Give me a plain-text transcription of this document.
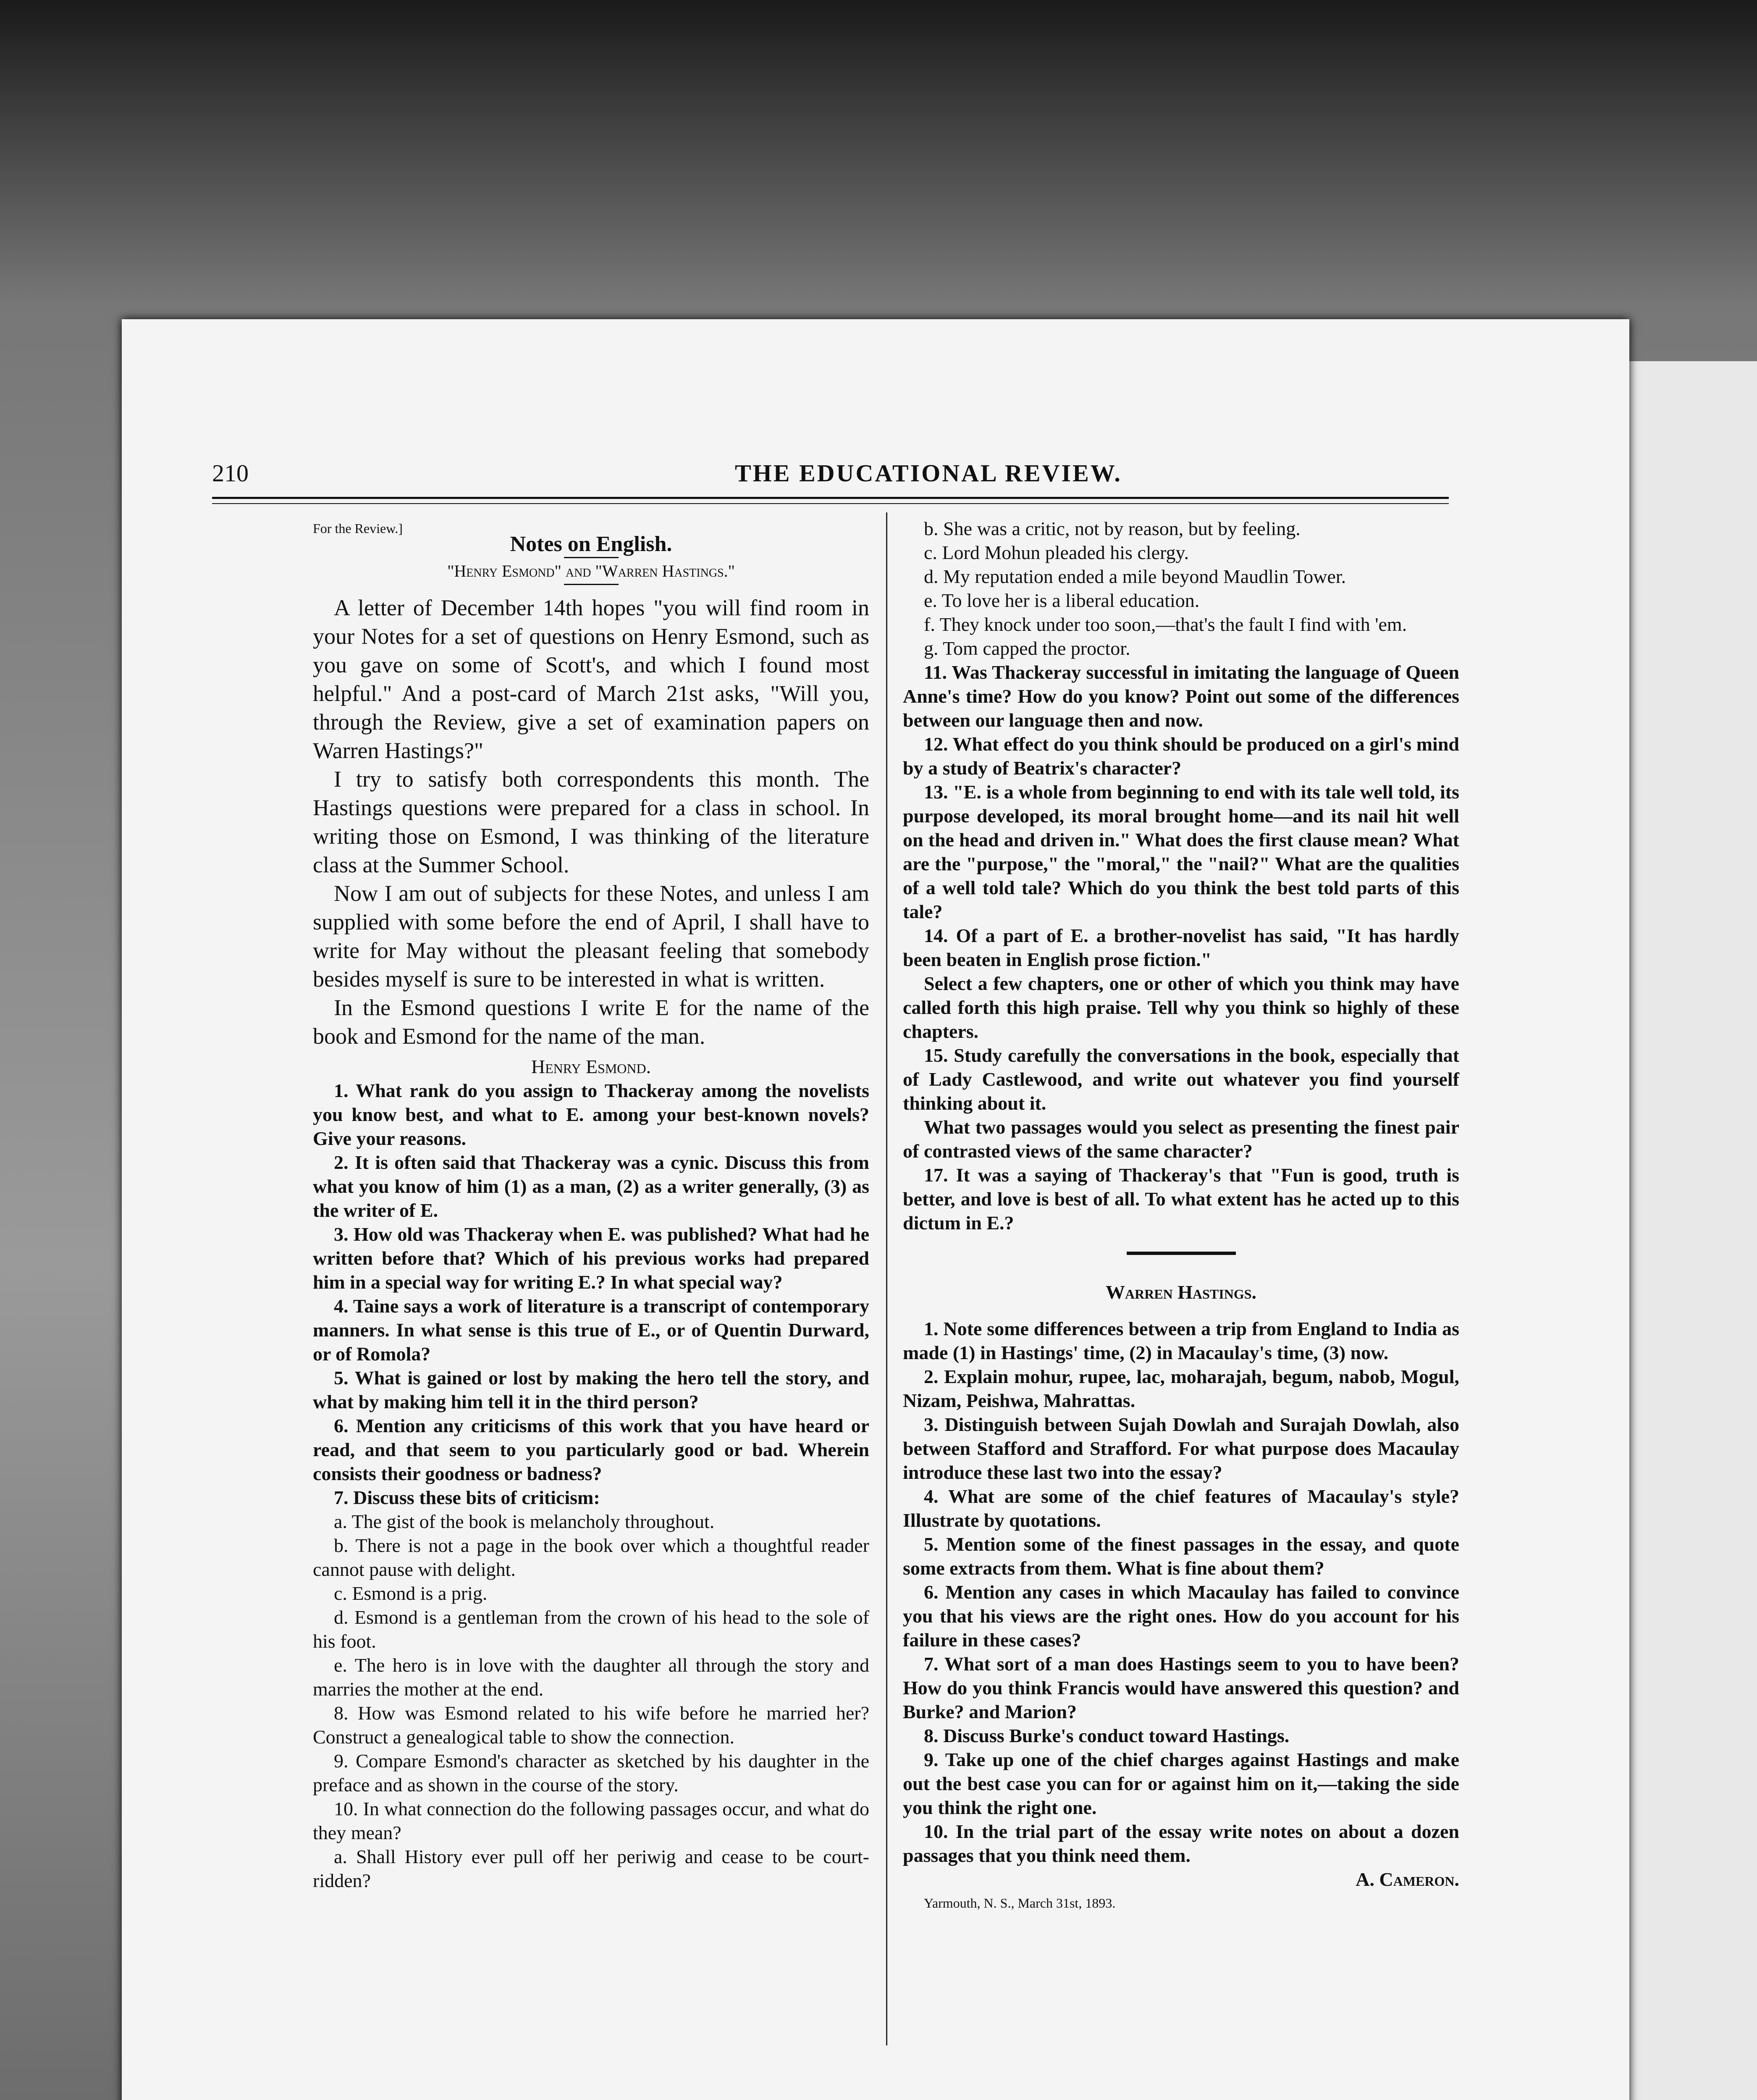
210	THE EDUCATIONAL REVIEW.

For the Review.]

Notes on English.

"Henry Esmond" and "Warren Hastings."

A letter of December 14th hopes "you will find room in your Notes for a set of questions on Henry Esmond, such as you gave on some of Scott's, and which I found most helpful." And a post-card of March 21st asks, "Will you, through the Review, give a set of examination papers on Warren Hastings?"

I try to satisfy both correspondents this month. The Hastings questions were prepared for a class in school. In writing those on Esmond, I was thinking of the literature class at the Summer School.

Now I am out of subjects for these Notes, and unless I am supplied with some before the end of April, I shall have to write for May without the pleasant feeling that somebody besides myself is sure to be interested in what is written.

In the Esmond questions I write E for the name of the book and Esmond for the name of the man.

Henry Esmond.

1. What rank do you assign to Thackeray among the novelists you know best, and what to E. among your best-known novels? Give your reasons.

2. It is often said that Thackeray was a cynic. Discuss this from what you know of him (1) as a man, (2) as a writer generally, (3) as the writer of E.

3. How old was Thackeray when E. was published? What had he written before that? Which of his previous works had prepared him in a special way for writing E.? In what special way?

4. Taine says a work of literature is a transcript of contemporary manners. In what sense is this true of E., or of Quentin Durward, or of Romola?

5. What is gained or lost by making the hero tell the story, and what by making him tell it in the third person?

6. Mention any criticisms of this work that you have heard or read, and that seem to you particularly good or bad. Wherein consists their goodness or badness?

7. Discuss these bits of criticism:

a. The gist of the book is melancholy throughout.

b. There is not a page in the book over which a thoughtful reader cannot pause with delight.

c. Esmond is a prig.

d. Esmond is a gentleman from the crown of his head to the sole of his foot.

e. The hero is in love with the daughter all through the story and marries the mother at the end.

8. How was Esmond related to his wife before he married her? Construct a genealogical table to show the connection.

9. Compare Esmond's character as sketched by his daughter in the preface and as shown in the course of the story.

10. In what connection do the following passages occur, and what do they mean?

a. Shall History ever pull off her periwig and cease to be court-ridden?

b. She was a critic, not by reason, but by feeling.

c. Lord Mohun pleaded his clergy.

d. My reputation ended a mile beyond Maudlin Tower.

e. To love her is a liberal education.

f. They knock under too soon,—that's the fault I find with 'em.

g. Tom capped the proctor.

11. Was Thackeray successful in imitating the language of Queen Anne's time? How do you know? Point out some of the differences between our language then and now.

12. What effect do you think should be produced on a girl's mind by a study of Beatrix's character?

13. "E. is a whole from beginning to end with its tale well told, its purpose developed, its moral brought home—and its nail hit well on the head and driven in." What does the first clause mean? What are the "purpose," the "moral," the "nail?" What are the qualities of a well told tale? Which do you think the best told parts of this tale?

14. Of a part of E. a brother-novelist has said, "It has hardly been beaten in English prose fiction."

Select a few chapters, one or other of which you think may have called forth this high praise. Tell why you think so highly of these chapters.

15. Study carefully the conversations in the book, especially that of Lady Castlewood, and write out whatever you find yourself thinking about it.

What two passages would you select as presenting the finest pair of contrasted views of the same character?

17. It was a saying of Thackeray's that "Fun is good, truth is better, and love is best of all. To what extent has he acted up to this dictum in E.?

Warren Hastings.

1. Note some differences between a trip from England to India as made (1) in Hastings' time, (2) in Macaulay's time, (3) now.

2. Explain mohur, rupee, lac, moharajah, begum, nabob, Mogul, Nizam, Peishwa, Mahrattas.

3. Distinguish between Sujah Dowlah and Surajah Dowlah, also between Stafford and Strafford. For what purpose does Macaulay introduce these last two into the essay?

4. What are some of the chief features of Macaulay's style? Illustrate by quotations.

5. Mention some of the finest passages in the essay, and quote some extracts from them. What is fine about them?

6. Mention any cases in which Macaulay has failed to convince you that his views are the right ones. How do you account for his failure in these cases?

7. What sort of a man does Hastings seem to you to have been? How do you think Francis would have answered this question? and Burke? and Marion?

8. Discuss Burke's conduct toward Hastings.

9. Take up one of the chief charges against Hastings and make out the best case you can for or against him on it,—taking the side you think the right one.

10. In the trial part of the essay write notes on about a dozen passages that you think need them.

A. Cameron.

Yarmouth, N. S., March 31st, 1893.
